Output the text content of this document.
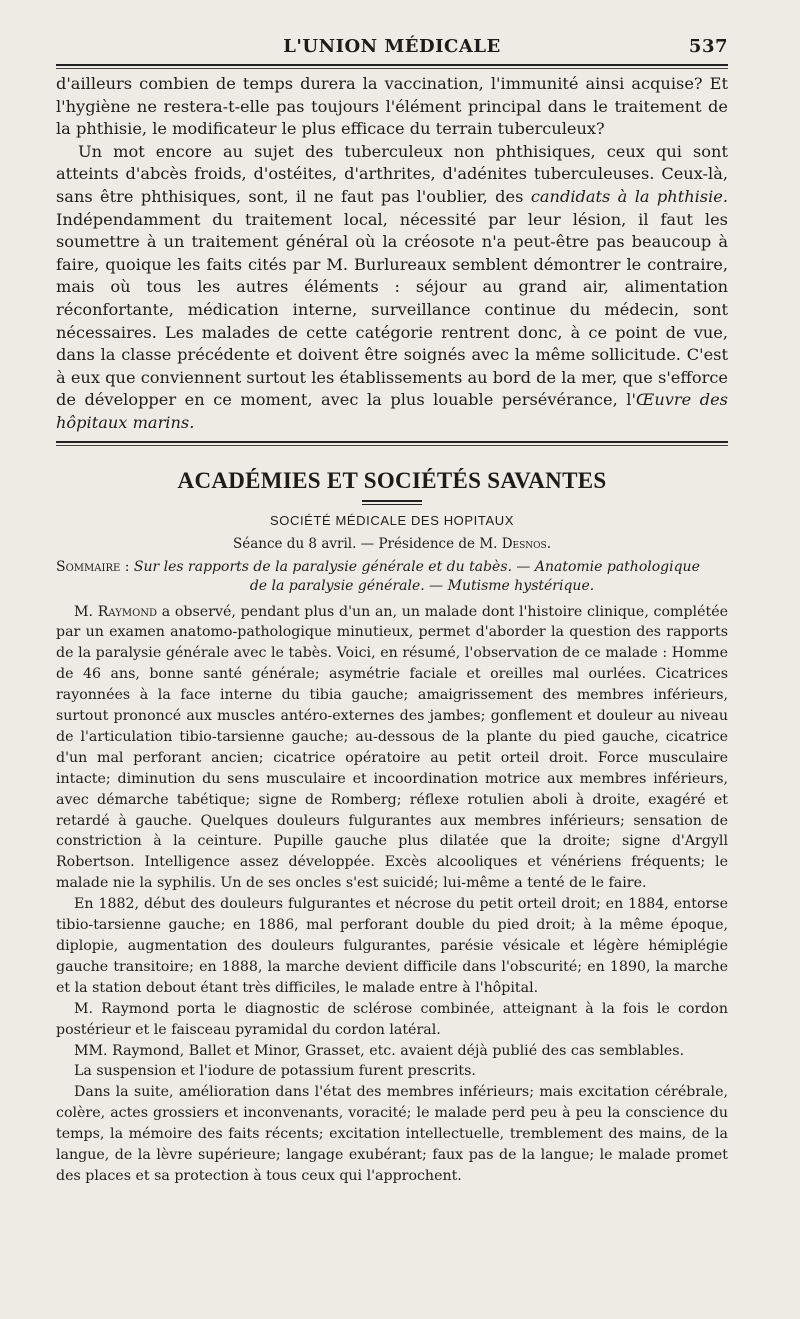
L'UNION MÉDICALE	537

d'ailleurs combien de temps durera la vaccination, l'immunité ainsi acquise? Et l'hygiène ne restera-t-elle pas toujours l'élément principal dans le traitement de la phthisie, le modificateur le plus efficace du terrain tuberculeux?

Un mot encore au sujet des tuberculeux non phthisiques, ceux qui sont atteints d'abcès froids, d'ostéites, d'arthrites, d'adénites tuberculeuses. Ceux-là, sans être phthisiques, sont, il ne faut pas l'oublier, des candidats à la phthisie. Indépendamment du traitement local, nécessité par leur lésion, il faut les soumettre à un traitement général où la créosote n'a peut-être pas beaucoup à faire, quoique les faits cités par M. Burlureaux semblent démontrer le contraire, mais où tous les autres éléments : séjour au grand air, alimentation réconfortante, médication interne, surveillance continue du médecin, sont nécessaires. Les malades de cette catégorie rentrent donc, à ce point de vue, dans la classe précédente et doivent être soignés avec la même sollicitude. C'est à eux que conviennent surtout les établissements au bord de la mer, que s'efforce de développer en ce moment, avec la plus louable persévérance, l'Œuvre des hôpitaux marins.

ACADÉMIES ET SOCIÉTÉS SAVANTES
SOCIÉTÉ MÉDICALE DES HOPITAUX
Séance du 8 avril. — Présidence de M. Desnos.
Sommaire : Sur les rapports de la paralysie générale et du tabès. — Anatomie pathologique
de la paralysie générale. — Mutisme hystérique.

M. Raymond a observé, pendant plus d'un an, un malade dont l'histoire clinique, complétée par un examen anatomo-pathologique minutieux, permet d'aborder la question des rapports de la paralysie générale avec le tabès. Voici, en résumé, l'observation de ce malade : Homme de 46 ans, bonne santé générale; asymétrie faciale et oreilles mal ourlées. Cicatrices rayonnées à la face interne du tibia gauche; amaigrissement des membres inférieurs, surtout prononcé aux muscles antéro-externes des jambes; gonflement et douleur au niveau de l'articulation tibio-tarsienne gauche; au-dessous de la plante du pied gauche, cicatrice d'un mal perforant ancien; cicatrice opératoire au petit orteil droit. Force musculaire intacte; diminution du sens musculaire et incoordination motrice aux membres inférieurs, avec démarche tabétique; signe de Romberg; réflexe rotulien aboli à droite, exagéré et retardé à gauche. Quelques douleurs fulgurantes aux membres inférieurs; sensation de constriction à la ceinture. Pupille gauche plus dilatée que la droite; signe d'Argyll Robertson. Intelligence assez développée. Excès alcooliques et vénériens fréquents; le malade nie la syphilis. Un de ses oncles s'est suicidé; lui-même a tenté de le faire.

En 1882, début des douleurs fulgurantes et nécrose du petit orteil droit; en 1884, entorse tibio-tarsienne gauche; en 1886, mal perforant double du pied droit; à la même époque, diplopie, augmentation des douleurs fulgurantes, parésie vésicale et légère hémiplégie gauche transitoire; en 1888, la marche devient difficile dans l'obscurité; en 1890, la marche et la station debout étant très difficiles, le malade entre à l'hôpital.

M. Raymond porta le diagnostic de sclérose combinée, atteignant à la fois le cordon postérieur et le faisceau pyramidal du cordon latéral.

MM. Raymond, Ballet et Minor, Grasset, etc. avaient déjà publié des cas semblables.

La suspension et l'iodure de potassium furent prescrits.

Dans la suite, amélioration dans l'état des membres inférieurs; mais excitation cérébrale, colère, actes grossiers et inconvenants, voracité; le malade perd peu à peu la conscience du temps, la mémoire des faits récents; excitation intellectuelle, tremblement des mains, de la langue, de la lèvre supérieure; langage exubérant; faux pas de la langue; le malade promet des places et sa protection à tous ceux qui l'approchent.
